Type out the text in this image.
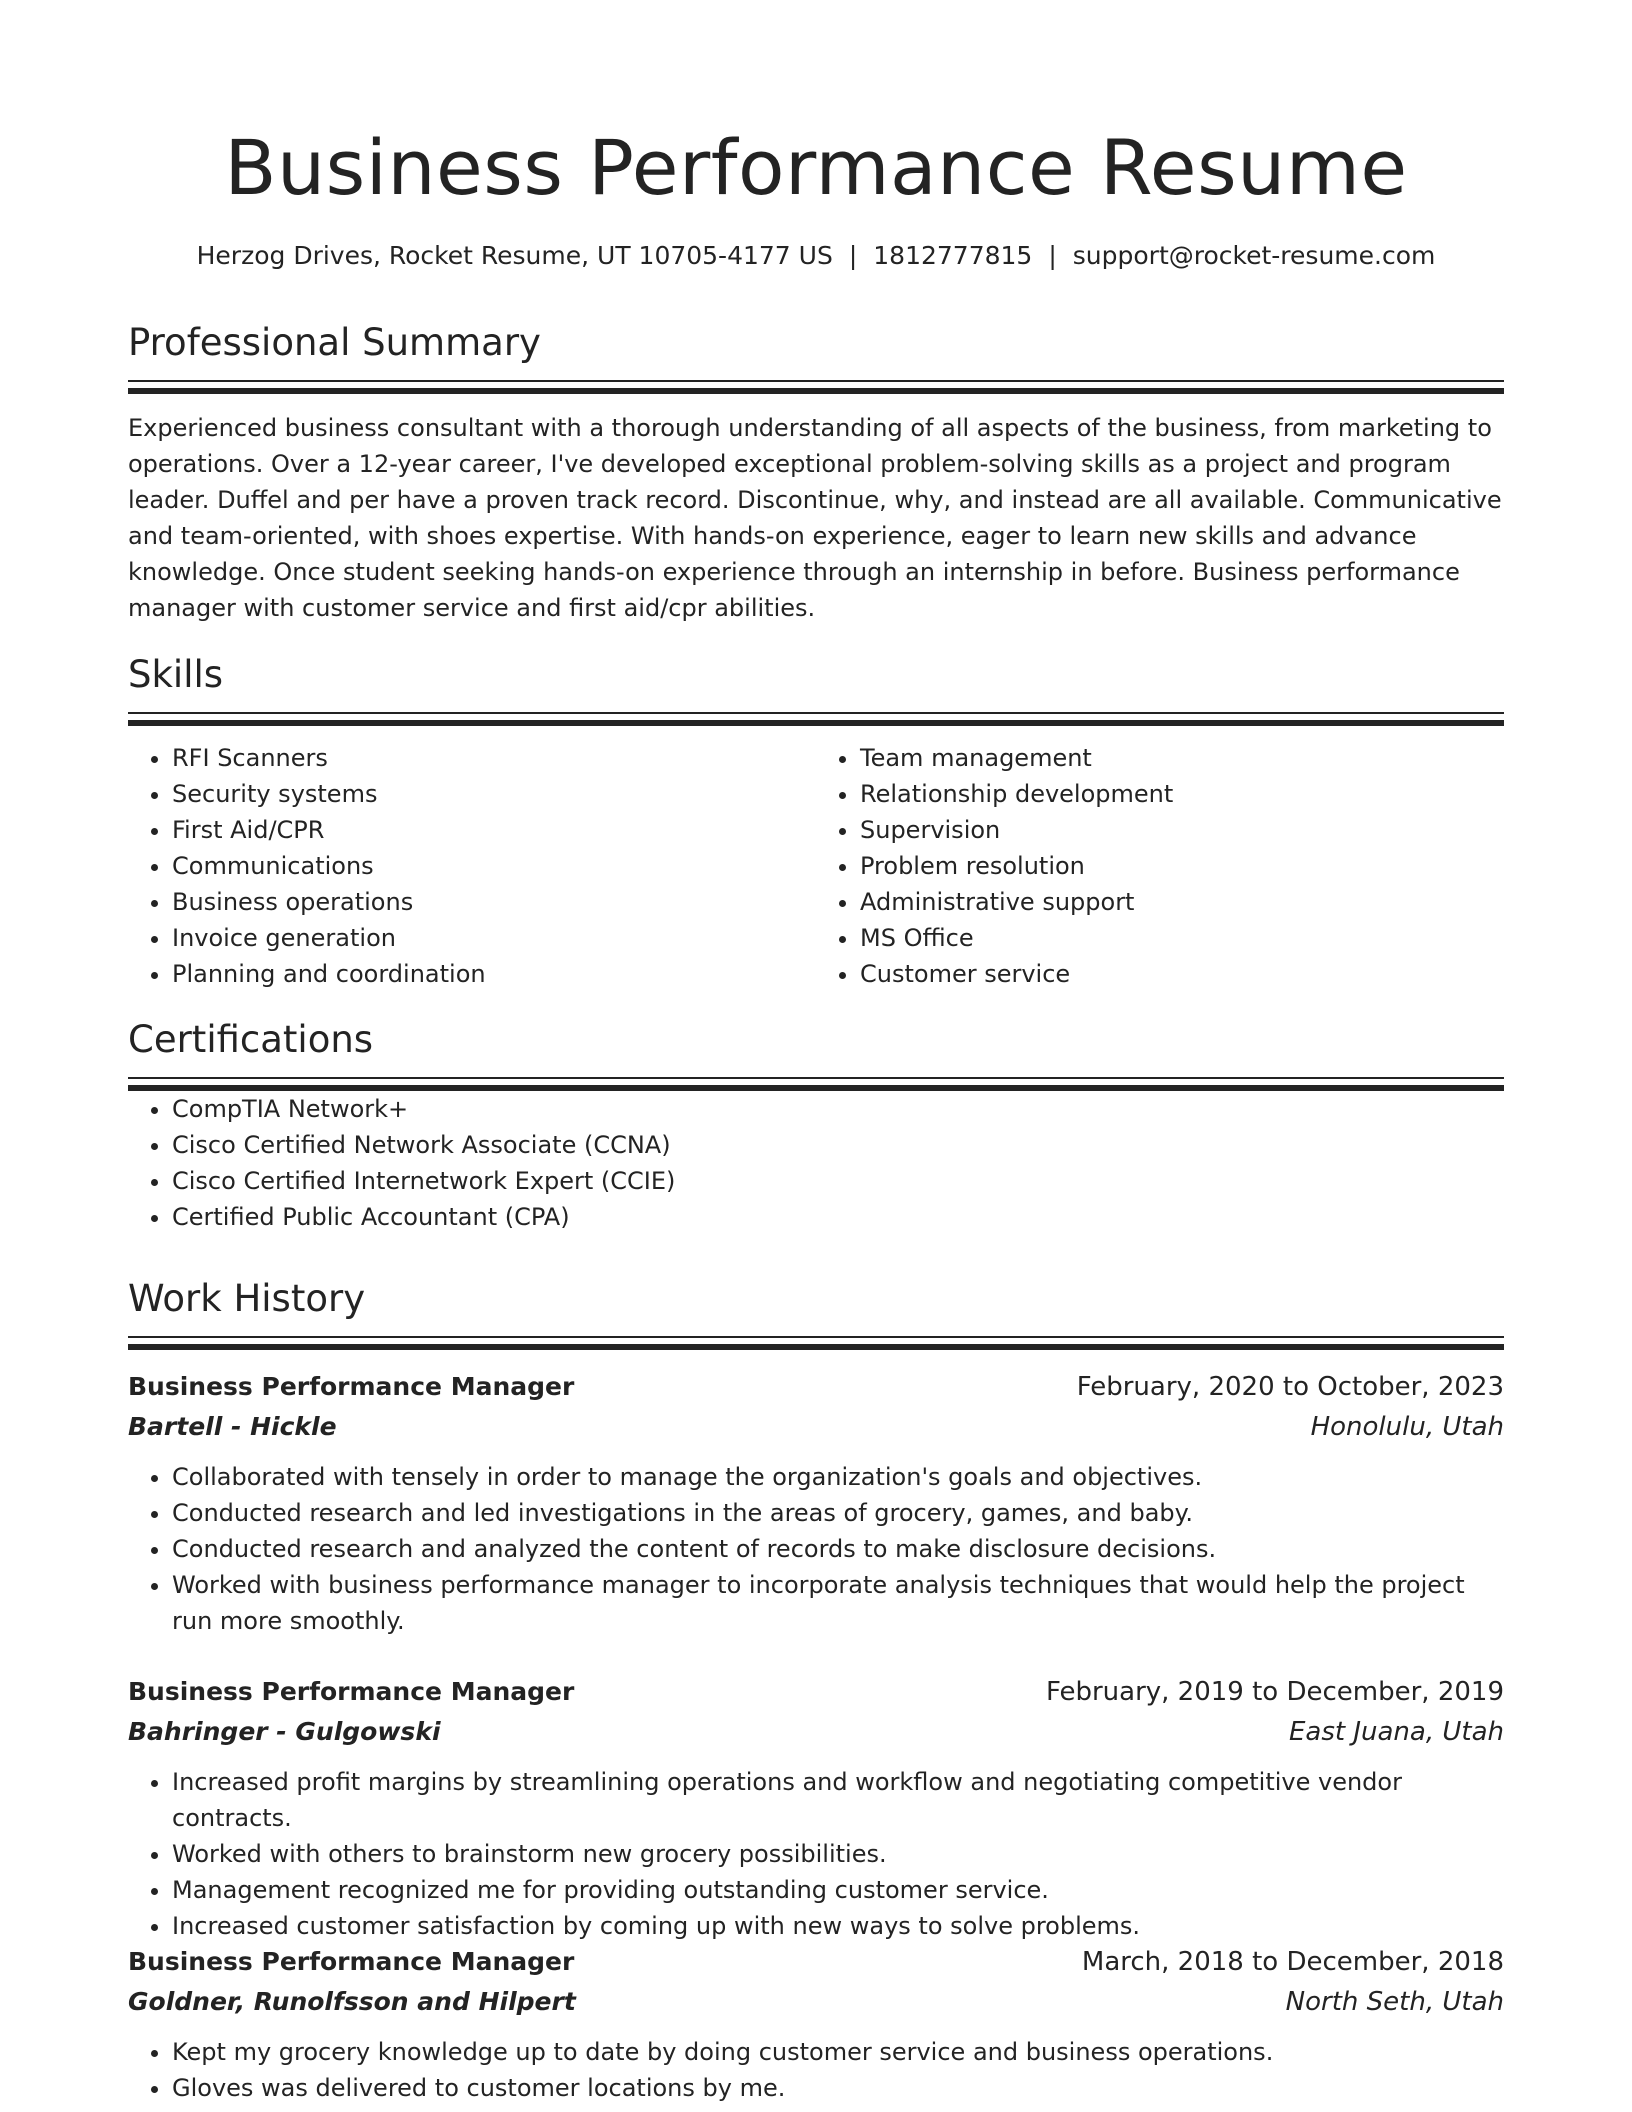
Business Performance Resume
Herzog Drives, Rocket Resume, UT 10705-4177 US | 1812777815 | support@rocket-resume.com
Professional Summary

Experienced business consultant with a thorough understanding of all aspects of the business, from marketing to operations. Over a 12-year career, I've developed exceptional problem-solving skills as a project and program leader. Duffel and per have a proven track record. Discontinue, why, and instead are all available. Communicative and team-oriented, with shoes expertise. With hands-on experience, eager to learn new skills and advance knowledge. Once student seeking hands-on experience through an internship in before. Business performance manager with customer service and first aid/cpr abilities.

Skills
• RFI Scanners
• Security systems
• First Aid/CPR
• Communications
• Business operations
• Invoice generation
• Planning and coordination
• Team management
• Relationship development
• Supervision
• Problem resolution
• Administrative support
• MS Office
• Customer service
Certifications
• CompTIA Network+
• Cisco Certified Network Associate (CCNA)
• Cisco Certified Internetwork Expert (CCIE)
• Certified Public Accountant (CPA)
Work History
Business Performance Manager	February, 2020 to October, 2023
Bartell - Hickle	Honolulu, Utah
• Collaborated with tensely in order to manage the organization's goals and objectives.
• Conducted research and led investigations in the areas of grocery, games, and baby.
• Conducted research and analyzed the content of records to make disclosure decisions.
• Worked with business performance manager to incorporate analysis techniques that would help the project run more smoothly.
Business Performance Manager	February, 2019 to December, 2019
Bahringer - Gulgowski	East Juana, Utah
• Increased profit margins by streamlining operations and workflow and negotiating competitive vendor contracts.
• Worked with others to brainstorm new grocery possibilities.
• Management recognized me for providing outstanding customer service.
• Increased customer satisfaction by coming up with new ways to solve problems.
Business Performance Manager	March, 2018 to December, 2018
Goldner, Runolfsson and Hilpert	North Seth, Utah
• Kept my grocery knowledge up to date by doing customer service and business operations.
• Gloves was delivered to customer locations by me.
